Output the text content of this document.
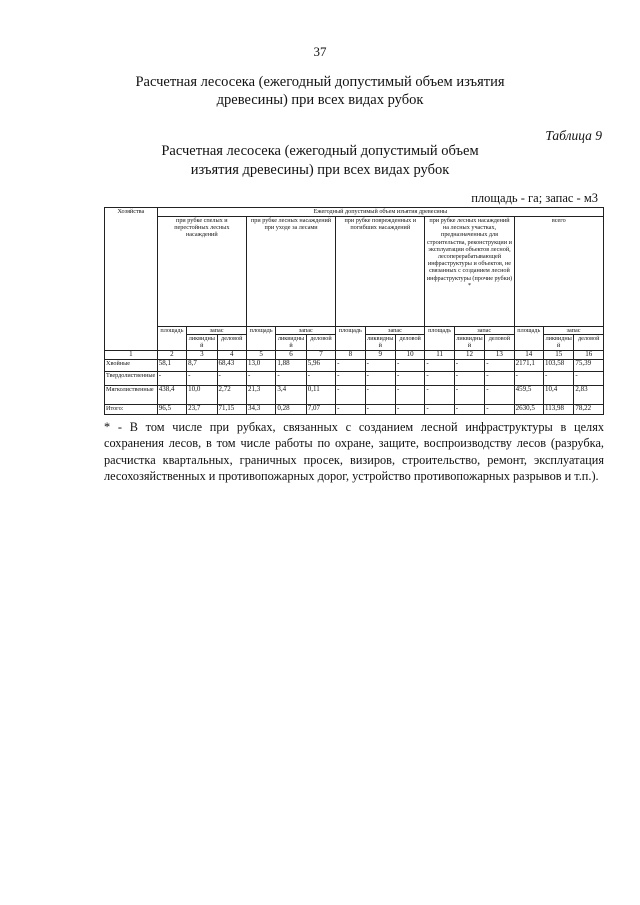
37
Расчетная лесосека (ежегодный допустимый объем изъятия древесины) при всех видах рубок
Таблица 9
Расчетная лесосека (ежегодный допустимый объем изъятия древесины) при всех видах рубок
площадь - га; запас - м3
Хозяйства	Ежегодный допустимый объем изъятия древесины														
	при рубке спелых и перестойных лесных насаждений			при рубке лесных насаждений при уходе за лесами			при рубке поврежденных и погибших насаждений			при рубке лесных насаждений на лесных участках, предназначенных для строительства, реконструкции и эксплуатации объектов лесной, лесоперерабатывающей инфраструктуры и объектов, не связанных с созданием лесной инфраструктуры (прочие рубки) *			всего		
	площадь	запас		площадь	запас		площадь	запас		площадь	запас		площадь	запас	
		ликвидный	деловой		ликвидный	деловой		ликвидный	деловой		ликвидный	деловой		ликвидный	деловой

1	2	3	4	5	6	7	8	9	10	11	12	13	14	15	16
Хвойные	58,1	8,7	68,43	13,0	1,88	5,96	-	-	-	-	-	-	2171,1	103,58	75,39
Твердолиственные	-	-	-	-	-	-	-	-	-	-	-	-	-	-	-
Мягколиственные	438,4	10,0	2,72	21,3	3,4	0,11	-	-	-	-	-	-	459,5	10,4	2,83
Итого:	96,5	23,7	71,15	34,3	0,28	7,07	-	-	-	-	-	-	2630,5	113,98	78,22
* - В том числе при рубках, связанных с созданием лесной инфраструктуры в целях сохранения лесов, в том числе работы по охране, защите, воспроизводству лесов (разрубка, расчистка квартальных, граничных просек, визиров, строительство, ремонт, эксплуатация лесохозяйственных и противопожарных дорог, устройство противопожарных разрывов и т.п.).
